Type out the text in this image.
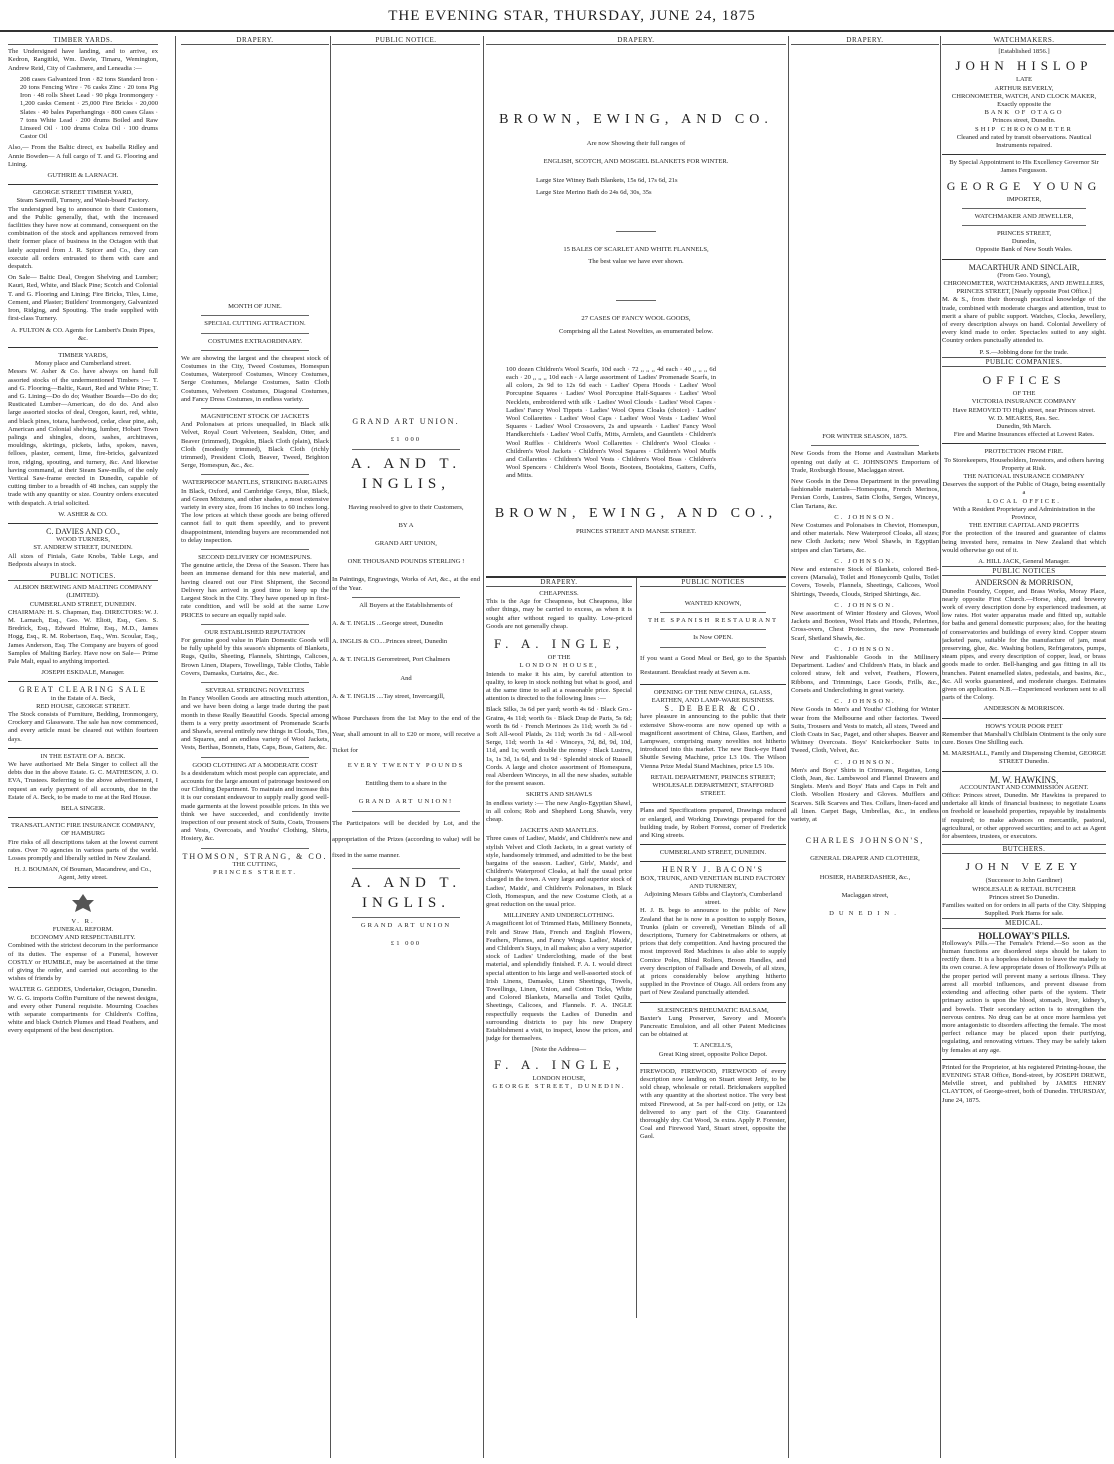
THE EVENING STAR, THURSDAY, JUNE 24, 1875
TIMBER YARDS.

The Undersigned have landing, and to arrive, ex Kedron, Rangitiki, Wm. Davie, Timaru, Wemington, Andrew Reid, City of Cashmere, and Leneadia :—

208 cases Galvanized Iron · 82 tons Standard Iron · 20 tons Fencing Wire · 76 casks Zinc · 20 tons Pig Iron · 48 rolls Sheet Lead · 90 pkgs Ironmongery · 1,200 casks Cement · 25,000 Fire Bricks · 20,000 Slates · 40 bales Paperhangings · 800 cases Glass · 7 tons White Lead · 200 drums Boiled and Raw Linseed Oil · 100 drums Colza Oil · 100 drums Castor Oil

Also,— From the Baltic direct, ex Isabella Ridley and Annie Bowden— A full cargo of T. and G. Flooring and Lining.

GUTHRIE & LARNACH.
GEORGE STREET TIMBER YARD,
Steam Sawmill, Turnery, and Wash-board Factory.

The undersigned beg to announce to their Customers, and the Public generally, that, with the increased facilities they have now at command, consequent on the combination of the stock and appliances removed from their former place of business in the Octagon with that lately acquired from J. R. Spicer and Co., they can execute all orders entrusted to them with care and despatch.

On Sale— Baltic Deal, Oregon Shelving and Lumber; Kauri, Red, White, and Black Pine; Scotch and Colonial T. and G. Flooring and Lining; Fire Bricks, Tiles, Lime, Cement, and Plaster; Builders' Ironmongery, Galvanized Iron, Ridging, and Spouting. The trade supplied with first-class Turnery.

A. FULTON & CO. Agents for Lambert's Drain Pipes, &c.
TIMBER YARDS,
Moray place and Cumberland street.

Messrs W. Asher & Co. have always on hand full assorted stocks of the undermentioned Timbers :— T. and G. Flooring—Baltic, Kauri, Red and White Pine; T. and G. Lining—Do do do; Weather Boards—Do do do; Rusticated Lumber—American, do do do. And also large assorted stocks of deal, Oregon, kauri, red, white, and black pines, totara, hardwood, cedar, clear pine, ash, American and Colonial shelving, lumber, Hobart Town palings and shingles, doors, sashes, architraves, mouldings, skirtings, pickets, laths, spokes, naves, felloes, plaster, cement, lime, fire-bricks, galvanized iron, ridging, spouting, and turnery, &c. And likewise having command, at their Steam Saw-mills, of the only Vertical Saw-frame erected in Dunedin, capable of cutting timber to a breadth of 48 inches, can supply the trade with any quantity or size. Country orders executed with despatch. A trial solicited.

W. ASHER & CO.
C. DAVIES AND CO.,
WOOD TURNERS,
ST. ANDREW STREET, DUNEDIN.

All sizes of Finials, Gate Knobs, Table Legs, and Bedposts always in stock.

PUBLIC NOTICES.
ALBION BREWING AND MALTING COMPANY (LIMITED).
CUMBERLAND STREET, DUNEDIN.

CHAIRMAN: H. S. Chapman, Esq. DIRECTORS: W. J. M. Larnach, Esq., Geo. W. Eliott, Esq., Geo. S. Bredrick, Esq., Edward Hulme, Esq., M.D., James Hogg, Esq., R. M. Robertson, Esq., Wm. Scoular, Esq., James Anderson, Esq. The Company are buyers of good Samples of Malting Barley. Have now on Sale— Prime Pale Malt, equal to anything imported.

JOSEPH ESKDALE, Manager.
GREAT CLEARING SALE
in the Estate of A. Beck,
RED HOUSE, GEORGE STREET.

The Stock consists of Furniture, Bedding, Ironmongery, Crockery and Glassware. The sale has now commenced, and every article must be cleared out within fourteen days.

IN THE ESTATE OF A. BECK.

We have authorised Mr Bela Singer to collect all the debts due in the above Estate. G. C. MATHESON, J. O. EVA, Trustees. Referring to the above advertisement, I request an early payment of all accounts, due in the Estate of A. Beck, to be made to me at the Red House.

BELA SINGER.
TRANSATLANTIC FIRE INSURANCE COMPANY, OF HAMBURG

Fire risks of all descriptions taken at the lowest current rates. Over 70 agencies in various parts of the world. Losses promptly and liberally settled in New Zealand.

H. J. BOUMAN, Of Bouman, Macandrew, and Co., Agent, Jetty street.
V. R.
FUNERAL REFORM.
ECONOMY AND RESPECTABILITY.

Combined with the strictest decorum in the performance of its duties. The expense of a Funeral, however COSTLY or HUMBLE, may be ascertained at the time of giving the order, and carried out according to the wishes of friends by

WALTER G. GEDDES, Undertaker, Octagon, Dunedin.

W. G. G. imports Coffin Furniture of the newest designs, and every other Funeral requisite. Mourning Coaches with separate compartments for Children's Coffins, white and black Ostrich Plumes and Head Feathers, and every equipment of the best description.

DRAPERY.
MONTH OF JUNE.
SPECIAL CUTTING ATTRACTION.
COSTUMES EXTRAORDINARY.

We are showing the largest and the cheapest stock of Costumes in the City, Tweed Costumes, Homespun Costumes, Waterproof Costumes, Wincey Costumes, Serge Costumes, Melange Costumes, Satin Cloth Costumes, Velveteen Costumes, Diagonal Costumes, and Fancy Dress Costumes, in endless variety.

MAGNIFICENT STOCK OF JACKETS

And Polonaises at prices unequalled, in Black silk Velvet, Royal Court Velveteen, Sealskin, Otter, and Beaver (trimmed), Dogskin, Black Cloth (plain), Black Cloth (modestly trimmed), Black Cloth (richly trimmed), President Cloth, Beaver, Tweed, Brighton Serge, Homespun, &c., &c.

WATERPROOF MANTLES, STRIKING BARGAINS

In Black, Oxford, and Cambridge Greys, Blue, Black, and Green Mixtures, and other shades, a most extensive variety in every size, from 16 inches to 60 inches long. The low prices at which these goods are being offered cannot fail to quit them speedily, and to prevent disappointment, intending buyers are recommended not to delay inspection.

SECOND DELIVERY OF HOMESPUNS.

The genuine article, the Dress of the Season. There has been an immense demand for this new material, and having cleared out our First Shipment, the Second Delivery has arrived in good time to keep up the Largest Stock in the City. They have opened up in first-rate condition, and will be sold at the same Low PRICES to secure an equally rapid sale.

OUR ESTABLISHED REPUTATION

For genuine good value in Plain Domestic Goods will be fully upheld by this season's shipments of Blankets, Rugs, Quilts, Sheeting, Flannels, Shirtings, Calicoes, Brown Linen, Diapers, Towellings, Table Cloths, Table Covers, Damasks, Curtains, &c., &c.

SEVERAL STRIKING NOVELTIES

In Fancy Woollen Goods are attracting much attention, and we have been doing a large trade during the past month in these Really Beautiful Goods. Special among them is a very pretty assortment of Promenade Scarfs and Shawls, several entirely new things in Clouds, Ties, and Squares, and an endless variety of Wool Jackets, Vests, Berthas, Bonnets, Hats, Caps, Boas, Gaiters, &c.

GOOD CLOTHING AT A MODERATE COST

Is a desideratum which most people can appreciate, and accounts for the large amount of patronage bestowed on our Clothing Department. To maintain and increase this it is our constant endeavour to supply really good well-made garments at the lowest possible prices. In this we think we have succeeded, and confidently invite inspection of our present stock of Suits, Coats, Trousers and Vests, Overcoats, and Youths' Clothing, Shirts, Hosiery, &c.

THOMSON, STRANG, & CO.
THE CUTTING,
PRINCES STREET.
PUBLIC NOTICE.
GRAND ART UNION.
£1 000
A. AND T. INGLIS,
Having resolved to give to their Customers,
BY A
GRAND ART UNION,
ONE THOUSAND POUNDS STERLING !

In Paintings, Engravings, Works of Art, &c., at the end of the Year.

All Buyers at the Establishments of
A. & T. INGLIS ...George street, Dunedin
A. INGLIS & CO....Princes street, Dunedin
A. & T. INGLIS Gerorretreet, Port Chalmers
And
A. & T. INGLIS ....Tay street, Invercargill,

Whose Purchases from the 1st May to the end of the Year, shall amount in all to £20 or more, will receive a Ticket for

EVERY TWENTY POUNDS
Entitling them to a share in the
GRAND ART UNION!

The Participators will be decided by Lot, and the appropriation of the Prizes (according to value) will be fixed in the same manner.

A. AND T. INGLIS.
GRAND ART UNION
£1 000
DRAPERY.
BROWN, EWING, AND CO.
Are now Showing their full ranges of
ENGLISH, SCOTCH, AND MOSGIEL BLANKETS FOR WINTER.
Large Size Witney Bath Blankets, 15s 6d, 17s 6d, 21s
Large Size Merino Bath do 24s 6d, 30s, 35s
15 BALES OF SCARLET AND WHITE FLANNELS,
The best value we have ever shown.
27 CASES OF FANCY WOOL GOODS,
Comprising all the Latest Novelties, as enumerated below.

100 dozen Children's Wool Scarfs, 10d each · 72 ,, ,, ,, 4d each · 40 ,, ,, ,, 6d each · 20 ,, ,, ,, 10d each · A large assortment of Ladies' Promenade Scarfs, in all colors, 2s 9d to 12s 6d each · Ladies' Opera Hoods · Ladies' Wool Porcupine Squares · Ladies' Wool Porcupine Half-Squares · Ladies' Wool Necklets, embroidered with silk · Ladies' Wool Clouds · Ladies' Wool Capes · Ladies' Fancy Wool Tippets · Ladies' Wool Opera Cloaks (choice) · Ladies' Wool Collarettes · Ladies' Wool Caps · Ladies' Wool Vests · Ladies' Wool Squares · Ladies' Wool Crossovers, 2s and upwards · Ladies' Fancy Wool Handkerchiefs · Ladies' Wool Cuffs, Mitts, Armlets, and Gauntlets · Children's Wool Ruffles · Children's Wool Collarettes · Children's Wool Cloaks · Children's Wool Jackets · Children's Wool Squares · Children's Wool Muffs and Collarettes · Children's Wool Vests · Children's Wool Boas · Children's Wool Spencers · Children's Wool Boots, Bootees, Bootakins, Gaiters, Cuffs, and Mitts.

BROWN, EWING, AND CO.,
PRINCES STREET AND MANSE STREET.
DRAPERY.
CHEAPNESS.

This is the Age for Cheapness, but Cheapness, like other things, may be carried to excess, as when it is sought after without regard to quality. Low-priced Goods are not generally cheap.

F. A. INGLE,
OF THE
LONDON HOUSE,

Intends to make it his aim, by careful attention to quality, to keep in stock nothing but what is good, and at the same time to sell at a reasonable price. Special attention is directed to the following lines :—

Black Silks, 3s 6d per yard; worth 4s 6d · Black Gro.-Grains, 4s 11d; worth 6s · Black Drap de Paris, 5s 6d; worth 8s 6d · French Merinoes 2s 11d; worth 3s 6d · Soft All-wool Plaids, 2s 11d; worth 3s 6d · All-wool Serge, 11d; worth 1s 4d · Winceys, 7d, 8d, 9d, 10d, 11d, and 1s; worth double the money · Black Lustres, 1s, 1s 3d, 1s 6d, and 1s 9d · Splendid stock of Russell Cords. A large and choice assortment of Homespuns, real Aberdeen Winceys, in all the new shades, suitable for the present season.

SKIRTS AND SHAWLS

In endless variety :— The new Anglo-Egyptian Shawl, in all colors; Rob and Shepherd Long Shawls, very cheap.

JACKETS AND MANTLES.

Three cases of Ladies', Maids', and Children's new and stylish Velvet and Cloth Jackets, in a great variety of style, handsomely trimmed, and admitted to be the best bargains of the season. Ladies', Girls', Maids', and Children's Waterproof Cloaks, at half the usual price charged in the town. A very large and superior stock of Ladies', Maids', and Children's Polonaises, in Black Cloth, Homespun, and the new Costume Cloth, at a great reduction on the usual price.

MILLINERY AND UNDERCLOTHING.

A magnificent lot of Trimmed Hats, Millinery Bonnets, Felt and Straw Hats, French and English Flowers, Feathers, Plumes, and Fancy Wings. Ladies', Maids', and Children's Stays, in all makes; also a very superior stock of Ladies' Underclothing, made of the best material, and splendidly finished. F. A. I. would direct special attention to his large and well-assorted stock of Irish Linens, Damasks, Linen Sheetings, Towels, Towellings, Linen, Union, and Cotton Ticks, White and Colored Blankets, Marsella and Toilet Quilts, Sheetings, Calicoes, and Flannels. F. A. INGLE respectfully requests the Ladies of Dunedin and surrounding districts to pay his new Drapery Establishment a visit, to inspect, know the prices, and judge for themselves.

[Note the Address—
F. A. INGLE,
LONDON HOUSE,
GEORGE STREET, DUNEDIN.
PUBLIC NOTICES
WANTED KNOWN,
THE SPANISH RESTAURANT
Is Now OPEN.

If you want a Good Meal or Bed, go to the Spanish Restaurant. Breakfast ready at Seven a.m.

OPENING OF THE NEW CHINA, GLASS, EARTHEN, AND LAMP-WARE BUSINESS.
S. DE BEER & CO.

have pleasure in announcing to the public that their extensive Show-rooms are now opened up with a magnificent assortment of China, Glass, Earthen, and Lampware, comprising many novelties not hitherto introduced into this market. The new Buck-eye Hand Shuttle Sewing Machine, price L3 10s. The Wilson Vienna Prize Medal Stand Machines, price L5 10s.

RETAIL DEPARTMENT, PRINCES STREET; WHOLESALE DEPARTMENT, STAFFORD STREET.

Plans and Specifications prepared, Drawings reduced or enlarged, and Working Drawings prepared for the building trade, by Robert Forrest, corner of Frederick and King streets.

CUMBERLAND STREET, DUNEDIN.
HENRY J. BACON'S
BOX, TRUNK, AND VENETIAN BLIND FACTORY AND TURNERY,
Adjoining Messrs Gibbs and Clayton's, Cumberland street.

H. J. B. begs to announce to the public of New Zealand that he is now in a position to supply Boxes, Trunks (plain or covered), Venetian Blinds of all descriptions, Turnery for Cabinetmakers or others, at prices that defy competition. And having procured the most improved Red Machines is also able to supply Cornice Poles, Blind Rollers, Broom Handles, and every description of Fallsade and Dowels, of all sizes, at prices considerably below anything hitherto supplied in the Province of Otago. All orders from any part of New Zealand punctually attended.

SLESINGER'S RHEUMATIC BALSAM,

Baxter's Lung Preserver, Savory and Moore's Pancreatic Emulsion, and all other Patent Medicines can be obtained at

T. ANCELL'S,
Great King street, opposite Police Depot.

FIREWOOD, FIREWOOD, FIREWOOD of every description now landing on Stuart street Jetty, to be sold cheap, wholesale or retail. Brickmakers supplied with any quantity at the shortest notice. The very best mixed Firewood, at 5s per half-cord on jetty, or 12s delivered to any part of the City. Guaranteed thoroughly dry. Cut Wood, 3s extra. Apply P. Forester, Coal and Firewood Yard, Stuart street, opposite the Gaol.

DRAPERY.
FOR WINTER SEASON, 1875.

New Goods from the Home and Australian Markets opening out daily at C. JOHNSON'S Emporium of Trade, Roxburgh House, Maclaggan street.

New Goods in the Dress Department in the prevailing fashionable materials—Homespuns, French Merinos, Persian Cords, Lustres, Satin Cloths, Serges, Winceys, Clan Tartans, &c.

C. JOHNSON.

New Costumes and Polonaises in Cheviot, Homespun, and other materials. New Waterproof Cloaks, all sizes; new Cloth Jackets; new Wool Shawls, in Egyptian stripes and clan Tartans, &c.

C. JOHNSON.

New and extensive Stock of Blankets, colored Bed-covers (Marsala), Toilet and Honeycomb Quilts, Toilet Covers, Towels, Flannels, Sheetings, Calicoes, Wool Shirtings, Tweeds, Clouds, Striped Shirtings, &c.

C. JOHNSON.

New assortment of Winter Hosiery and Gloves, Wool Jackets and Bootees, Wool Hats and Hoods, Pelerines, Cross-overs, Chest Protectors, the new Promenade Scarf, Shetland Shawls, &c.

C. JOHNSON.

New and Fashionable Goods in the Millinery Department. Ladies' and Children's Hats, in black and colored straw, felt and velvet, Feathers, Flowers, Ribbons, and Trimmings, Lace Goods, Frills, &c., Corsets and Underclothing in great variety.

C. JOHNSON.

New Goods in Men's and Youths' Clothing for Winter wear from the Melbourne and other factories. Tweed Suits, Trousers and Vests to match, all sizes, Tweed and Cloth Coats in Sac, Paget, and other shapes. Beaver and Whitney Overcoats. Boys' Knickerbocker Suits in Tweed, Cloth, Velvet, &c.

C. JOHNSON.

Men's and Boys' Shirts in Crimeans, Regattas, Long Cloth, Jean, &c. Lambswool and Flannel Drawers and Singlets. Men's and Boys' Hats and Caps in Felt and Cloth. Woollen Hosiery and Gloves. Mufflers and Scarves. Silk Scarves and Ties. Collars, linen-faced and all linen. Carpet Bags, Umbrellas, &c., in endless variety, at

CHARLES JOHNSON'S,
GENERAL DRAPER AND CLOTHIER,
HOSIER, HABERDASHER, &c.,
Maclaggan street,
DUNEDIN.
WATCHMAKERS.
[Established 1856.]
JOHN HISLOP
LATE
ARTHUR BEVERLY,
CHRONOMETER, WATCH, AND CLOCK MAKER,
Exactly opposite the
BANK OF OTAGO
Princes street, Dunedin.
SHIP CHRONOMETER
Cleaned and rated by transit observations. Nautical Instruments repaired.
By Special Appointment to His Excellency Governor Sir James Fergusson.
GEORGE YOUNG
IMPORTER,
WATCHMAKER AND JEWELLER,
PRINCES STREET,
Dunedin,
Opposite Bank of New South Wales.
MACARTHUR AND SINCLAIR,
(From Geo. Young),
CHRONOMETER, WATCHMAKERS, AND JEWELLERS,
PRINCES STREET, [Nearly opposite Post Office.]

M. & S., from their thorough practical knowledge of the trade, combined with moderate charges and attention, trust to merit a share of public support. Watches, Clocks, Jewellery, of every description always on hand. Colonial Jewellery of every kind made to order. Spectacles suited to any sight. Country orders punctually attended to.

P. S.—Jobbing done for the trade.
PUBLIC COMPANIES.
OFFICES
OF THE
VICTORIA INSURANCE COMPANY
Have REMOVED TO High street, near Princes street.
W. D. MEARES, Res. Sec.
Dunedin, 9th March.
Fire and Marine Insurances effected at Lowest Rates.
PROTECTION FROM FIRE.
To Storekeepers, Householders, Investors, and others having Property at Risk.
THE NATIONAL INSURANCE COMPANY
Deserves the support of the Public of Otago, being essentially a
LOCAL OFFICE.
With a Resident Proprietary and Administration in the Province,
THE ENTIRE CAPITAL AND PROFITS

For the protection of the insured and guarantee of claims being invested here, remains in New Zealand that which would otherwise go out of it.

A. HILL JACK, General Manager.
PUBLIC NOTICES
ANDERSON & MORRISON,

Dunedin Foundry, Copper, and Brass Works, Moray Place, nearly opposite First Church.—Horse, ship, and brewery work of every description done by experienced tradesmen, at low rates. Hot water apparatus made and fitted up, suitable for baths and general domestic purposes; also, for the heating of conservatories and buildings of every kind. Copper steam jacketed pans, suitable for the manufacture of jam, meat preserving, glue, &c. Washing boilers, Refrigerators, pumps, steam pipes, and every description of copper, lead, or brass goods made to order. Bell-hanging and gas fitting in all its branches. Patent enamelled slates, pedestals, and basins, &c., &c. All works guaranteed, and moderate charges. Estimates given on application. N.B.—Experienced workmen sent to all parts of the Colony.

ANDERSON & MORRISON.
HOW'S YOUR POOR FEET

Remember that Marshall's Chilblain Ointment is the only sure cure. Boxes One Shilling each.

M. MARSHALL, Family and Dispensing Chemist, GEORGE STREET Dunedin.
M. W. HAWKINS,
ACCOUNTANT AND COMMISSION AGENT.

Office: Princes street, Dunedin. Mr Hawkins is prepared to undertake all kinds of financial business; to negotiate Loans on freehold or leasehold properties, repayable by instalments if required; to make advances on mercantile, pastoral, agricultural, or other approved securities; and to act as Agent for absentees, trustees, or executors.

BUTCHERS.
JOHN VEZEY
(Successor to John Gardiner)
WHOLESALE & RETAIL BUTCHER
Princes street So Dunedin.
Families waited on for orders in all parts of the City. Shipping Supplied. Pork Hams for sale.
MEDICAL.
HOLLOWAY'S PILLS.

Holloway's Pills.—The Female's Friend.—So soon as the human functions are disordered steps should be taken to rectify them. It is a hopeless delusion to leave the malady to its own course. A few appropriate doses of Holloway's Pills at the proper period will prevent many a serious illness. They arrest all morbid influences, and prevent disease from extending and affecting other parts of the system. Their primary action is upon the blood, stomach, liver, kidney's, and bowels. Their secondary action is to strengthen the nervous centres. No drug can be at once more harmless yet more antagonistic to disorders affecting the female. The most perfect reliance may be placed upon their purifying, regulating, and renovating virtues. They may be safely taken by females at any age.

Printed for the Proprietor, at his registered Printing-house, the EVENING STAR Office, Bond-street, by JOSEPH DREWE, Melville street, and published by JAMES HENRY CLAYTON, of George-street, both of Dunedin. THURSDAY, June 24, 1875.
